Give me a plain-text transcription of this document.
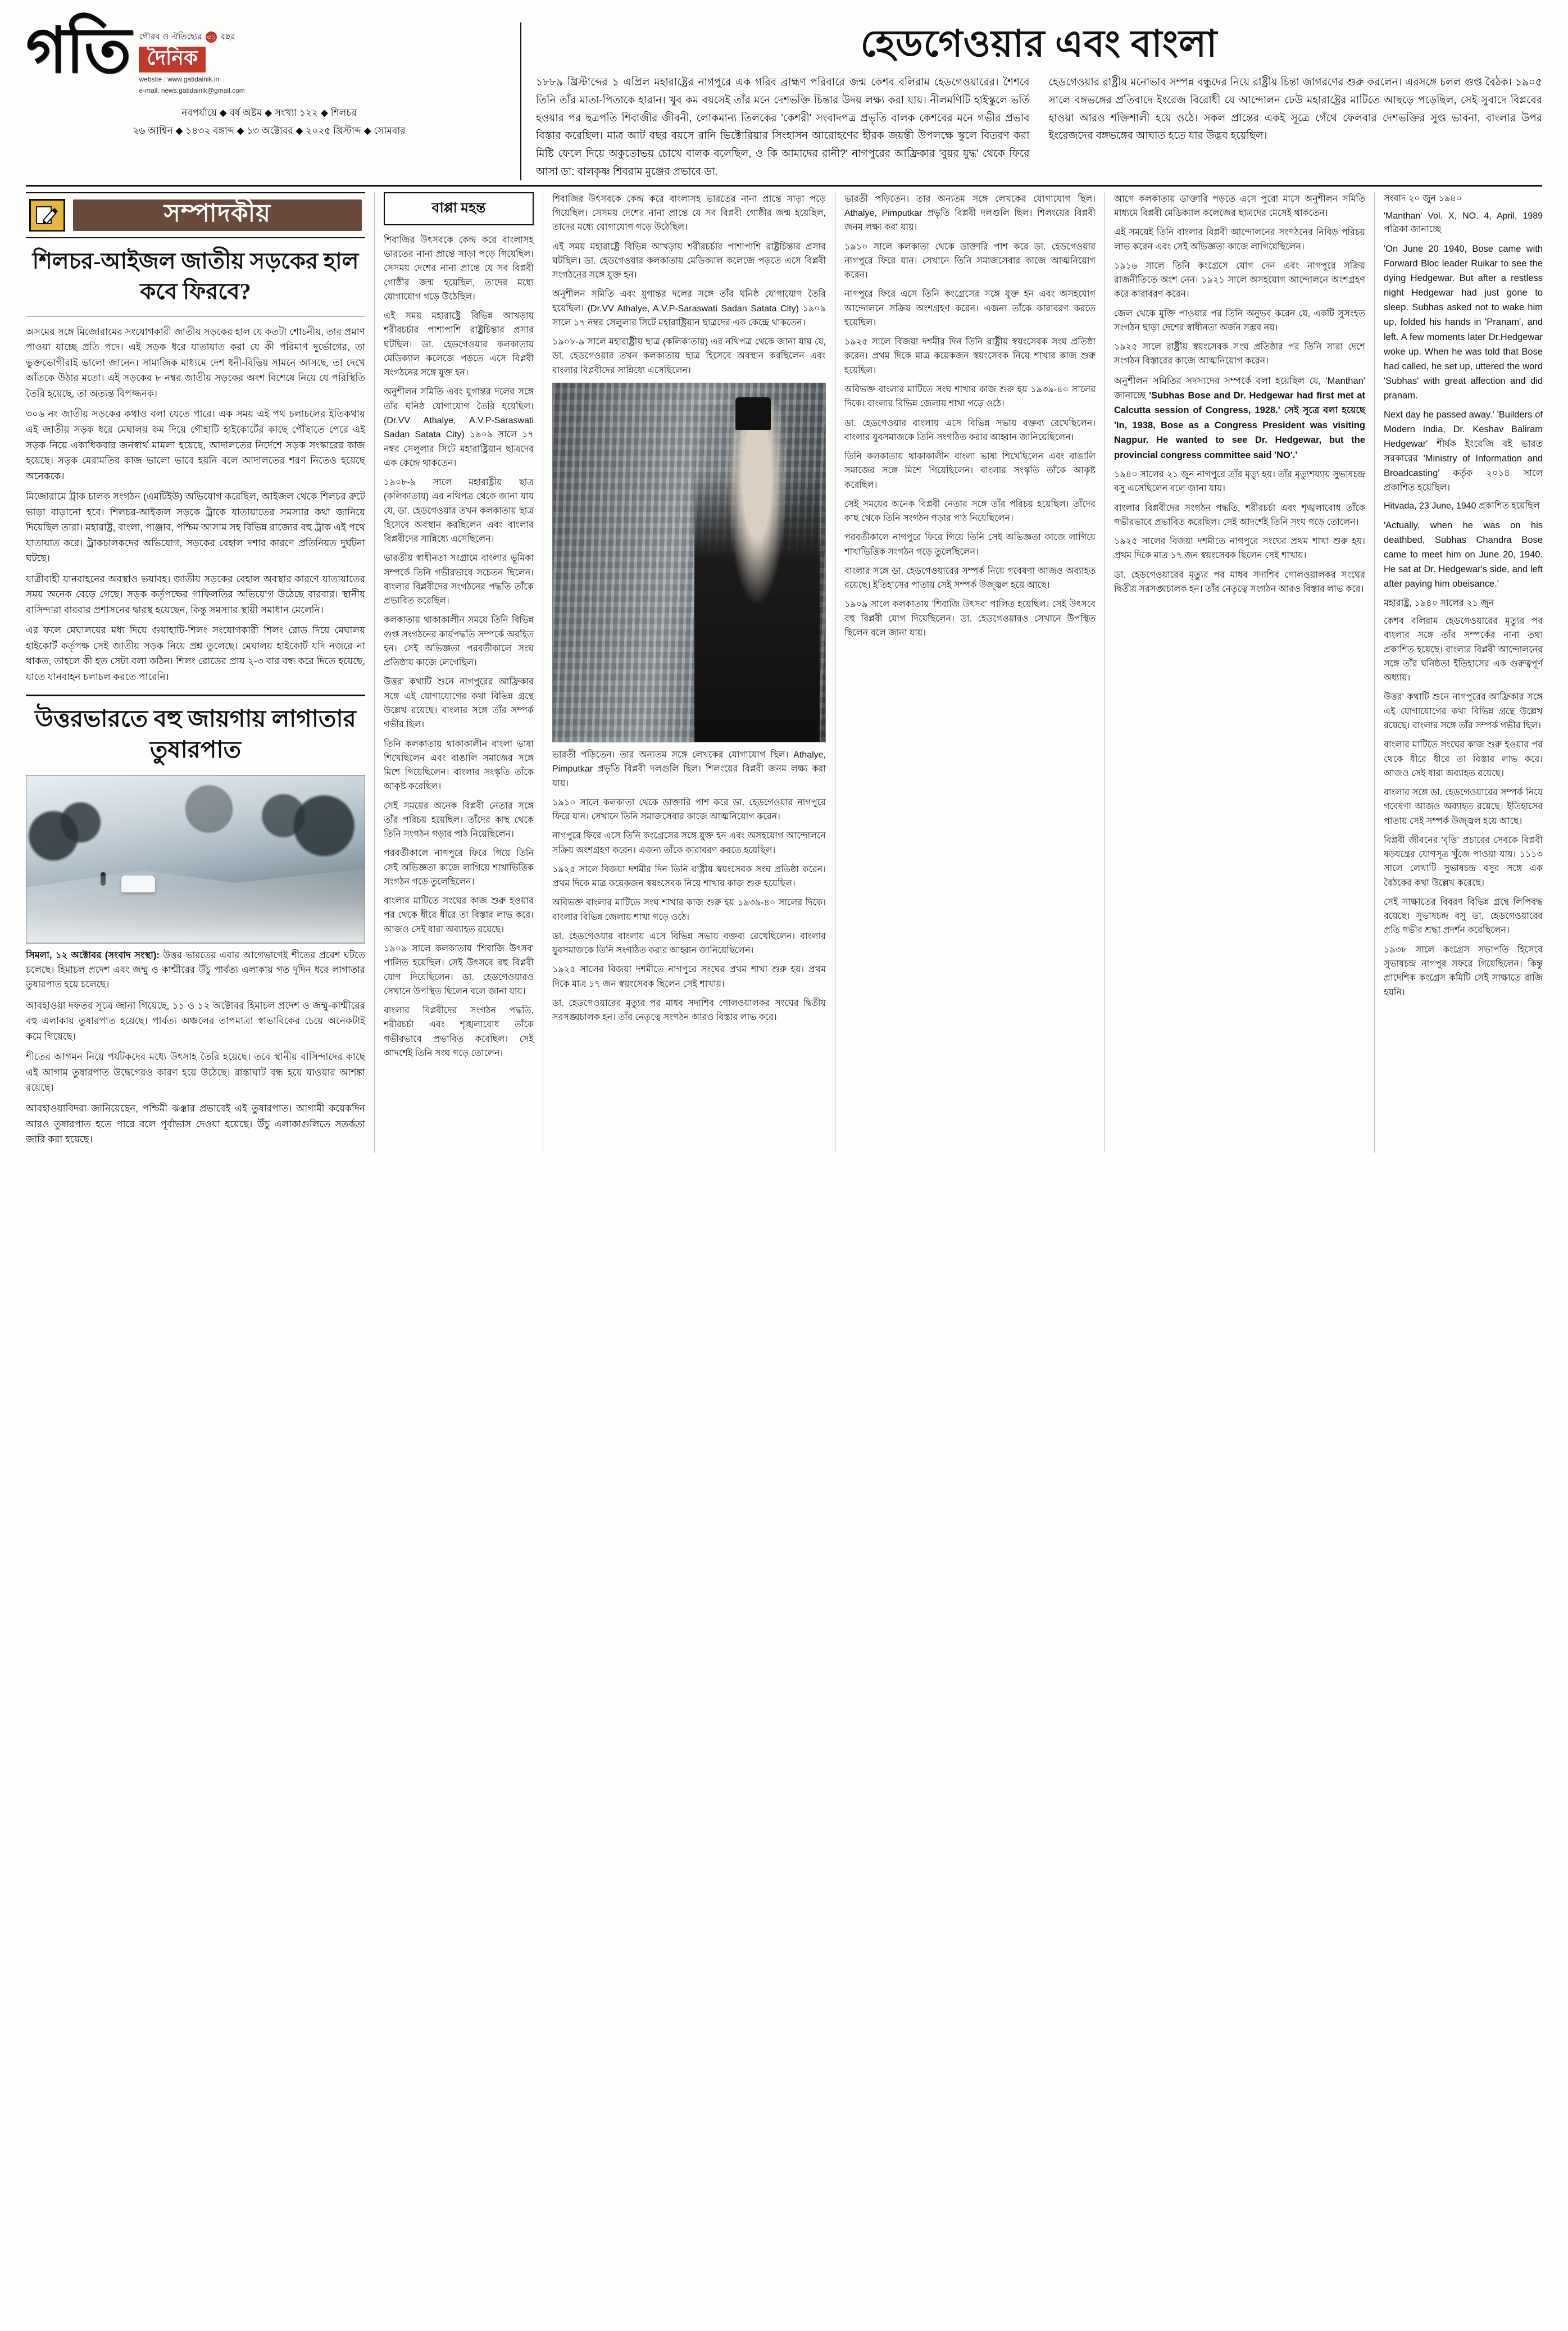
গতি গৌরব ও ঐতিহ্যের ৩১ বছর
দৈনিক
website : www.gatidainik.in
e-mail: news.gatidainik@gmail.com
নবপর্যায়ে ◆ বর্ষ অষ্টম ◆ সংখ্যা ১২২ ◆ শিলচর
২৬ আশ্বিন ◆ ১৪৩২ বঙ্গাব্দ ◆ ১৩ অক্টোবর ◆ ২০২৫ খ্রিস্টাব্দ ◆ সোমবার
হেডগেওয়ার এবং বাংলা

১৮৮৯ খ্রিস্টাব্দের ১ এপ্রিল মহারাষ্ট্রের নাগপুরে এক গরিব ব্রাহ্মণ পরিবারে জন্ম কেশব বলিরাম হেডগেওয়ারের। শৈশবে তিনি তাঁর মাতা-পিতাকে হারান। খুব কম বয়সেই তাঁর মনে দেশভক্তি চিন্তার উদয় লক্ষ্য করা যায়। নীলমণিটি হাইস্কুলে ভর্তি হওয়ার পর ছত্রপতি শিবাজীর জীবনী, লোকমান্য তিলকের 'কেশরী' সংবাদপত্র প্রভৃতি বালক কেশবের মনে গভীর প্রভাব বিস্তার করেছিল। মাত্র আট বছর বয়সে রানি ভিক্টোরিয়ার সিংহাসন আরোহণের হীরক জয়ন্তী উপলক্ষে স্কুলে বিতরণ করা মিষ্টি ফেলে দিয়ে অকুতোভয় চোখে বালক বলেছিল, ও কি আমাদের রানী?' নাগপুরের আফ্রিকার 'বুয়র যুদ্ধ' থেকে ফিরে আসা ডা: বালকৃষ্ণ শিবরাম মুঞ্জের প্রভাবে ডা.

হেডগেওয়ার রাষ্ট্রীয় মনোভাব সম্পন্ন বন্ধুদের নিয়ে রাষ্ট্রীয় চিন্তা জাগরণের শুরু করলেন। এরসঙ্গে চলল গুপ্ত বৈঠক। ১৯০৫ সালে বঙ্গভঙ্গের প্রতিবাদে ইংরেজ বিরোধী যে আন্দোলন ঢেউ মহারাষ্ট্রের মাটিতে আছড়ে পড়েছিল, সেই সুবাদে বিপ্লবের হাওয়া আরও শক্তিশালী হয়ে ওঠে। সকল প্রান্তের একই সূত্রে গেঁথে ফেলবার দেশভক্তির সুপ্ত ভাবনা, বাংলার উপর ইংরেজদের বঙ্গভঙ্গের আঘাত হতে যার উদ্ভব হয়েছিল।

সম্পাদকীয়
শিলচর-আইজল জাতীয় সড়কের হাল কবে ফিরবে?

অসমের সঙ্গে মিজোরামের সংযোগকারী জাতীয় সড়কের হাল যে কতটা শোচনীয়, তার প্রমাণ পাওয়া যাচ্ছে প্রতি পদে। এই সড়ক ধরে যাতায়াত করা যে কী পরিমাণ দুর্ভোগের, তা ভুক্তভোগীরাই ভালো জানেন। সামাজিক মাধ্যমে দেশ ধনী-বিত্তিয় সামনে আসছে, তা দেখে আঁতকে উঠার মতো। এই সড়কের ৮ নম্বর জাতীয় সড়কের অংশ বিশেষে নিয়ে যে পরিস্থিতি তৈরি হয়েছে, তা অত্যন্ত বিপজ্জনক।

৩০৬ নং জাতীয় সড়কের কথাও বলা যেতে পারে। এক সময় এই পথ চলাচলের ইতিকথায় এই জাতীয় সড়ক ধরে মেঘালয় কম দিয়ে গৌহাটি হাইকোর্টের কাছে পৌঁছাতে পেরে এই সড়ক নিয়ে একাধিকবার জনস্বার্থ মামলা হয়েছে, আদালতের নির্দেশে সড়ক সংস্কারের কাজ হয়েছে। সড়ক মেরামতির কাজ ভালো ভাবে হয়নি বলে আদালতের শরণ নিতেও হয়েছে অনেককে।

মিজোরামে ট্রাক চালক সংগঠন (এমটিইউ) অভিযোগ করেছিল, আইজল থেকে শিলচর রুটে ভাড়া বাড়ানো হবে। শিলচর-আইজল সড়কে ট্রাকে যাতায়াতের সমস্যার কথা জানিয়ে দিয়েছিল তারা। মহারাষ্ট্র, বাংলা, পাঞ্জাব, পশ্চিম আসাম সহ বিভিন্ন রাজ্যের বহু ট্রাক এই পথে যাতায়াত করে। ট্রাকচালকদের অভিযোগ, সড়কের বেহাল দশার কারণে প্রতিনিয়ত দুর্ঘটনা ঘটছে।

যাত্রীবাহী যানবাহনের অবস্থাও ভয়াবহ। জাতীয় সড়কের বেহাল অবস্থার কারণে যাতায়াতের সময় অনেক বেড়ে গেছে। সড়ক কর্তৃপক্ষের গাফিলতির অভিযোগ উঠেছে বারবার। স্থানীয় বাসিন্দারা বারবার প্রশাসনের দ্বারস্থ হয়েছেন, কিন্তু সমস্যার স্থায়ী সমাধান মেলেনি।

এর ফলে মেঘালয়ের মধ্য দিয়ে গুয়াহাটি-শিলং সংযোগকারী শিলং রোড দিয়ে মেঘালয় হাইকোর্ট কর্তৃপক্ষ সেই জাতীয় সড়ক নিয়ে প্রশ্ন তুলেছে। মেঘালয় হাইকোর্ট যদি নজরে না থাকত, তাহলে কী হত সেটা বলা কঠিন। শিলং রোডের প্রায় ২-৩ বার বন্ধ করে দিতে হয়েছে, যাতে যানবাহন চলাচল করতে পারেনি।

উত্তরভারতে বহু জায়গায় লাগাতার তুষারপাত
সিমলা, ১২ অক্টোবর (সংবাদ সংস্থা): উত্তর ভারতের এবার আগেভাগেই শীতের প্রবেশ ঘটতে চলেছে। হিমাচল প্রদেশ এবং জম্মু ও কাশ্মীরের উঁচু পার্বত্য এলাকায় গত দুদিন ধরে লাগাতার তুষারপাত হয়ে চলেছে।

আবহাওয়া দফতর সূত্রে জানা গিয়েছে, ১১ ও ১২ অক্টোবর হিমাচল প্রদেশ ও জম্মু-কাশ্মীরের বহু এলাকায় তুষারপাত হয়েছে। পার্বত্য অঞ্চলের তাপমাত্রা স্বাভাবিকের চেয়ে অনেকটাই কমে গিয়েছে।

শীতের আগমন নিয়ে পর্যটকদের মধ্যে উৎসাহ তৈরি হয়েছে। তবে স্থানীয় বাসিন্দাদের কাছে এই আগাম তুষারপাত উদ্বেগেরও কারণ হয়ে উঠেছে। রাস্তাঘাট বন্ধ হয়ে যাওয়ার আশঙ্কা রয়েছে।

আবহাওয়াবিদরা জানিয়েছেন, পশ্চিমী ঝঞ্ঝার প্রভাবেই এই তুষারপাত। আগামী কয়েকদিন আরও তুষারপাত হতে পারে বলে পূর্বাভাস দেওয়া হয়েছে। উঁচু এলাকাগুলিতে সতর্কতা জারি করা হয়েছে।

বাপ্পা মহন্ত

শিবাজির উৎসবকে কেন্দ্র করে বাংলাসহ ভারতের নানা প্রান্তে সাড়া পড়ে গিয়েছিল। সেসময় দেশের নানা প্রান্তে যে সব বিপ্লবী গোষ্ঠীর জন্ম হয়েছিল, তাদের মধ্যে যোগাযোগ গড়ে উঠেছিল।

এই সময় মহারাষ্ট্রে বিভিন্ন আখড়ায় শরীরচর্চার পাশাপাশি রাষ্ট্রচিন্তার প্রসার ঘটছিল। ডা. হেডগেওয়ার কলকাতায় মেডিক্যাল কলেজে পড়তে এসে বিপ্লবী সংগঠনের সঙ্গে যুক্ত হন।

অনুশীলন সমিতি এবং যুগান্তর দলের সঙ্গে তাঁর ঘনিষ্ঠ যোগাযোগ তৈরি হয়েছিল। (Dr.VV Athalye, A.V.P-Saraswati Sadan Satata City) ১৯০৯ সালে ১৭ নম্বর সেলুলার সিটে মহারাষ্ট্রিয়ান ছাত্রদের এক কেন্দ্রে থাকতেন।

১৯০৮-৯ সালে মহারাষ্ট্রীয় ছাত্র (কলিকাতায়) এর নথিপত্র থেকে জানা যায় যে, ডা. হেডগেওয়ার তখন কলকাতায় ছাত্র হিসেবে অবস্থান করছিলেন এবং বাংলার বিপ্লবীদের সান্নিধ্যে এসেছিলেন।

ভারতীয় স্বাধীনতা সংগ্রামে বাংলার ভূমিকা সম্পর্কে তিনি গভীরভাবে সচেতন ছিলেন। বাংলার বিপ্লবীদের সংগঠনের পদ্ধতি তাঁকে প্রভাবিত করেছিল।

কলকাতায় থাকাকালীন সময়ে তিনি বিভিন্ন গুপ্ত সংগঠনের কার্যপদ্ধতি সম্পর্কে অবহিত হন। সেই অভিজ্ঞতা পরবর্তীকালে সংঘ প্রতিষ্ঠায় কাজে লেগেছিল।

উত্তর' কথাটি শুনে নাগপুরের আফ্রিকার সঙ্গে এই যোগাযোগের কথা বিভিন্ন গ্রন্থে উল্লেখ রয়েছে। বাংলার সঙ্গে তাঁর সম্পর্ক গভীর ছিল।

তিনি কলকাতায় থাকাকালীন বাংলা ভাষা শিখেছিলেন এবং বাঙালি সমাজের সঙ্গে মিশে গিয়েছিলেন। বাংলার সংস্কৃতি তাঁকে আকৃষ্ট করেছিল।

সেই সময়ের অনেক বিপ্লবী নেতার সঙ্গে তাঁর পরিচয় হয়েছিল। তাঁদের কাছ থেকে তিনি সংগঠন গড়ার পাঠ নিয়েছিলেন।

পরবর্তীকালে নাগপুরে ফিরে গিয়ে তিনি সেই অভিজ্ঞতা কাজে লাগিয়ে শাখাভিত্তিক সংগঠন গড়ে তুলেছিলেন।

বাংলার মাটিতে সংঘের কাজ শুরু হওয়ার পর থেকে ধীরে ধীরে তা বিস্তার লাভ করে। আজও সেই ধারা অব্যাহত রয়েছে।

১৯০৯ সালে কলকাতায় 'শিবাজি উৎসব' পালিত হয়েছিল। সেই উৎসবে বহু বিপ্লবী যোগ দিয়েছিলেন। ডা. হেডগেওয়ারও সেখানে উপস্থিত ছিলেন বলে জানা যায়।

বাংলার বিপ্লবীদের সংগঠন পদ্ধতি, শরীরচর্চা এবং শৃঙ্খলাবোধ তাঁকে গভীরভাবে প্রভাবিত করেছিল। সেই আদর্শেই তিনি সংঘ গড়ে তোলেন।

শিবাজির উৎসবকে কেন্দ্র করে বাংলাসহ ভারতের নানা প্রান্তে সাড়া পড়ে গিয়েছিল। সেসময় দেশের নানা প্রান্তে যে সব বিপ্লবী গোষ্ঠীর জন্ম হয়েছিল, তাদের মধ্যে যোগাযোগ গড়ে উঠেছিল।

এই সময় মহারাষ্ট্রে বিভিন্ন আখড়ায় শরীরচর্চার পাশাপাশি রাষ্ট্রচিন্তার প্রসার ঘটছিল। ডা. হেডগেওয়ার কলকাতায় মেডিক্যাল কলেজে পড়তে এসে বিপ্লবী সংগঠনের সঙ্গে যুক্ত হন।

অনুশীলন সমিতি এবং যুগান্তর দলের সঙ্গে তাঁর ঘনিষ্ঠ যোগাযোগ তৈরি হয়েছিল। (Dr.VV Athalye, A.V.P-Saraswati Sadan Satata City) ১৯০৯ সালে ১৭ নম্বর সেলুলার সিটে মহারাষ্ট্রিয়ান ছাত্রদের এক কেন্দ্রে থাকতেন।

১৯০৮-৯ সালে মহারাষ্ট্রীয় ছাত্র (কলিকাতায়) এর নথিপত্র থেকে জানা যায় যে, ডা. হেডগেওয়ার তখন কলকাতায় ছাত্র হিসেবে অবস্থান করছিলেন এবং বাংলার বিপ্লবীদের সান্নিধ্যে এসেছিলেন।

ভারতী পড়িতেন। তার অন্যতম সঙ্গে লেখকের যোগাযোগ ছিল। Athalye, Pimputkar প্রভৃতি বিপ্লবী দলগুলি ছিল। শিলংয়ের বিপ্লবী জনম লক্ষ্য করা যায়।

১৯১০ সালে কলকাতা থেকে ডাক্তারি পাশ করে ডা. হেডগেওয়ার নাগপুরে ফিরে যান। সেখানে তিনি সমাজসেবার কাজে আত্মনিয়োগ করেন।

নাগপুরে ফিরে এসে তিনি কংগ্রেসের সঙ্গে যুক্ত হন এবং অসহযোগ আন্দোলনে সক্রিয় অংশগ্রহণ করেন। এজন্য তাঁকে কারাবরণ করতে হয়েছিল।

১৯২৫ সালে বিজয়া দশমীর দিন তিনি রাষ্ট্রীয় স্বয়ংসেবক সংঘ প্রতিষ্ঠা করেন। প্রথম দিকে মাত্র কয়েকজন স্বয়ংসেবক নিয়ে শাখার কাজ শুরু হয়েছিল।

অবিভক্ত বাংলার মাটিতে সংঘ শাখার কাজ শুরু হয় ১৯৩৯-৪০ সালের দিকে। বাংলার বিভিন্ন জেলায় শাখা গড়ে ওঠে।

ডা. হেডগেওয়ার বাংলায় এসে বিভিন্ন সভায় বক্তব্য রেখেছিলেন। বাংলার যুবসমাজকে তিনি সংগঠিত করার আহ্বান জানিয়েছিলেন।

১৯২৫ সালের বিজয়া দশমীতে নাগপুরে সংঘের প্রথম শাখা শুরু হয়। প্রথম দিকে মাত্র ১৭ জন স্বয়ংসেবক ছিলেন সেই শাখায়।

ডা. হেডগেওয়ারের মৃত্যুর পর মাধব সদাশিব গোলওয়ালকর সংঘের দ্বিতীয় সরসঙ্ঘচালক হন। তাঁর নেতৃত্বে সংগঠন আরও বিস্তার লাভ করে।

ভারতী পড়িতেন। তার অন্যতম সঙ্গে লেখকের যোগাযোগ ছিল। Athalye, Pimputkar প্রভৃতি বিপ্লবী দলগুলি ছিল। শিলংয়ের বিপ্লবী জনম লক্ষ্য করা যায়।

১৯১০ সালে কলকাতা থেকে ডাক্তারি পাশ করে ডা. হেডগেওয়ার নাগপুরে ফিরে যান। সেখানে তিনি সমাজসেবার কাজে আত্মনিয়োগ করেন।

নাগপুরে ফিরে এসে তিনি কংগ্রেসের সঙ্গে যুক্ত হন এবং অসহযোগ আন্দোলনে সক্রিয় অংশগ্রহণ করেন। এজন্য তাঁকে কারাবরণ করতে হয়েছিল।

১৯২৫ সালে বিজয়া দশমীর দিন তিনি রাষ্ট্রীয় স্বয়ংসেবক সংঘ প্রতিষ্ঠা করেন। প্রথম দিকে মাত্র কয়েকজন স্বয়ংসেবক নিয়ে শাখার কাজ শুরু হয়েছিল।

অবিভক্ত বাংলার মাটিতে সংঘ শাখার কাজ শুরু হয় ১৯৩৯-৪০ সালের দিকে। বাংলার বিভিন্ন জেলায় শাখা গড়ে ওঠে।

ডা. হেডগেওয়ার বাংলায় এসে বিভিন্ন সভায় বক্তব্য রেখেছিলেন। বাংলার যুবসমাজকে তিনি সংগঠিত করার আহ্বান জানিয়েছিলেন।

তিনি কলকাতায় থাকাকালীন বাংলা ভাষা শিখেছিলেন এবং বাঙালি সমাজের সঙ্গে মিশে গিয়েছিলেন। বাংলার সংস্কৃতি তাঁকে আকৃষ্ট করেছিল।

সেই সময়ের অনেক বিপ্লবী নেতার সঙ্গে তাঁর পরিচয় হয়েছিল। তাঁদের কাছ থেকে তিনি সংগঠন গড়ার পাঠ নিয়েছিলেন।

পরবর্তীকালে নাগপুরে ফিরে গিয়ে তিনি সেই অভিজ্ঞতা কাজে লাগিয়ে শাখাভিত্তিক সংগঠন গড়ে তুলেছিলেন।

বাংলার সঙ্গে ডা. হেডগেওয়ারের সম্পর্ক নিয়ে গবেষণা আজও অব্যাহত রয়েছে। ইতিহাসের পাতায় সেই সম্পর্ক উজ্জ্বল হয়ে আছে।

১৯০৯ সালে কলকাতায় 'শিবাজি উৎসব' পালিত হয়েছিল। সেই উৎসবে বহু বিপ্লবী যোগ দিয়েছিলেন। ডা. হেডগেওয়ারও সেখানে উপস্থিত ছিলেন বলে জানা যায়।

আগে কলকাতায় ডাক্তারি পড়তে এসে পুরো মাসে অনুশীলন সমিতি মাধ্যমে বিপ্লবী মেডিক্যাল কলেজের ছাত্রদের মেসেই থাকতেন।

এই সময়েই তিনি বাংলার বিপ্লবী আন্দোলনের সংগঠনের নিবিড় পরিচয় লাভ করেন এবং সেই অভিজ্ঞতা কাজে লাগিয়েছিলেন।

১৯১৬ সালে তিনি কংগ্রেসে যোগ দেন এবং নাগপুরে সক্রিয় রাজনীতিতে অংশ নেন। ১৯২১ সালে অসহযোগ আন্দোলনে অংশগ্রহণ করে কারাবরণ করেন।

জেল থেকে মুক্তি পাওয়ার পর তিনি অনুভব করেন যে, একটি সুসংহত সংগঠন ছাড়া দেশের স্বাধীনতা অর্জন সম্ভব নয়।

১৯২৫ সালে রাষ্ট্রীয় স্বয়ংসেবক সংঘ প্রতিষ্ঠার পর তিনি সারা দেশে সংগঠন বিস্তারের কাজে আত্মনিয়োগ করেন।

অনুশীলন সমিতির সদস্যদের সম্পর্কে বলা হয়েছিল যে, 'Manthan' জানাচ্ছে 'Subhas Bose and Dr. Hedgewar had first met at Calcutta session of Congress, 1928.' সেই সূত্রে বলা হয়েছে 'In, 1938, Bose as a Congress President was visiting Nagpur. He wanted to see Dr. Hedgewar, but the provincial congress committee said 'NO'.'

১৯৪০ সালের ২১ জুন নাগপুরে তাঁর মৃত্যু হয়। তাঁর মৃত্যুশয্যায় সুভাষচন্দ্র বসু এসেছিলেন বলে জানা যায়।

বাংলার বিপ্লবীদের সংগঠন পদ্ধতি, শরীরচর্চা এবং শৃঙ্খলাবোধ তাঁকে গভীরভাবে প্রভাবিত করেছিল। সেই আদর্শেই তিনি সংঘ গড়ে তোলেন।

১৯২৫ সালের বিজয়া দশমীতে নাগপুরে সংঘের প্রথম শাখা শুরু হয়। প্রথম দিকে মাত্র ১৭ জন স্বয়ংসেবক ছিলেন সেই শাখায়।

ডা. হেডগেওয়ারের মৃত্যুর পর মাধব সদাশিব গোলওয়ালকর সংঘের দ্বিতীয় সরসঙ্ঘচালক হন। তাঁর নেতৃত্বে সংগঠন আরও বিস্তার লাভ করে।

সংবাদ ২০ জুন ১৯৪০
'Manthan' Vol. X, NO. 4, April, 1989 পত্রিকা জানাচ্ছে
'On June 20 1940, Bose came with Forward Bloc leader Ruikar to see the dying Hedgewar. But after a restless night Hedgewar had just gone to sleep. Subhas asked not to wake him up, folded his hands in 'Pranam', and left. A few moments later Dr.Hedgewar woke up. When he was told that Bose had called, he set up, uttered the word 'Subhas' with great affection and did pranam.
Next day he passed away.' 'Builders of Modern India, Dr. Keshav Baliram Hedgewar' শীর্ষক ইংরেজি বই ভারত সরকারের 'Ministry of Information and Broadcasting' কর্তৃক ২০১৪ সালে প্রকাশিত হয়েছিল।
Hitvada, 23 June, 1940 প্রকাশিত হয়েছিল
'Actually, when he was on his deathbed, Subhas Chandra Bose came to meet him on June 20, 1940. He sat at Dr. Hedgewar's side, and left after paying him obeisance.'
মহারাষ্ট্র, ১৯৪০ সালের ২১ জুন

কেশব বলিরাম হেডগেওয়ারের মৃত্যুর পর বাংলার সঙ্গে তাঁর সম্পর্কের নানা তথ্য প্রকাশিত হয়েছে। বাংলার বিপ্লবী আন্দোলনের সঙ্গে তাঁর ঘনিষ্ঠতা ইতিহাসের এক গুরুত্বপূর্ণ অধ্যায়।

উত্তর' কথাটি শুনে নাগপুরের আফ্রিকার সঙ্গে এই যোগাযোগের কথা বিভিন্ন গ্রন্থে উল্লেখ রয়েছে। বাংলার সঙ্গে তাঁর সম্পর্ক গভীর ছিল।

বাংলার মাটিতে সংঘের কাজ শুরু হওয়ার পর থেকে ধীরে ধীরে তা বিস্তার লাভ করে। আজও সেই ধারা অব্যাহত রয়েছে।

বাংলার সঙ্গে ডা. হেডগেওয়ারের সম্পর্ক নিয়ে গবেষণা আজও অব্যাহত রয়েছে। ইতিহাসের পাতায় সেই সম্পর্ক উজ্জ্বল হয়ে আছে।

বিপ্লবী জীবনের 'বৃত্তি' প্রচারের সেবকে বিপ্লবী ষড়যন্ত্রের যোগসূত্র খুঁজে পাওয়া যায়। ১১১৩ সালে লেখাটি সুভাষচন্দ্র বসুর সঙ্গে এক বৈঠকের কথা উল্লেখ করেছে।

সেই সাক্ষাতের বিবরণ বিভিন্ন গ্রন্থে লিপিবদ্ধ রয়েছে। সুভাষচন্দ্র বসু ডা. হেডগেওয়ারের প্রতি গভীর শ্রদ্ধা প্রদর্শন করেছিলেন।

১৯৩৮ সালে কংগ্রেস সভাপতি হিসেবে সুভাষচন্দ্র নাগপুর সফরে গিয়েছিলেন। কিন্তু প্রাদেশিক কংগ্রেস কমিটি সেই সাক্ষাতে রাজি হয়নি।
